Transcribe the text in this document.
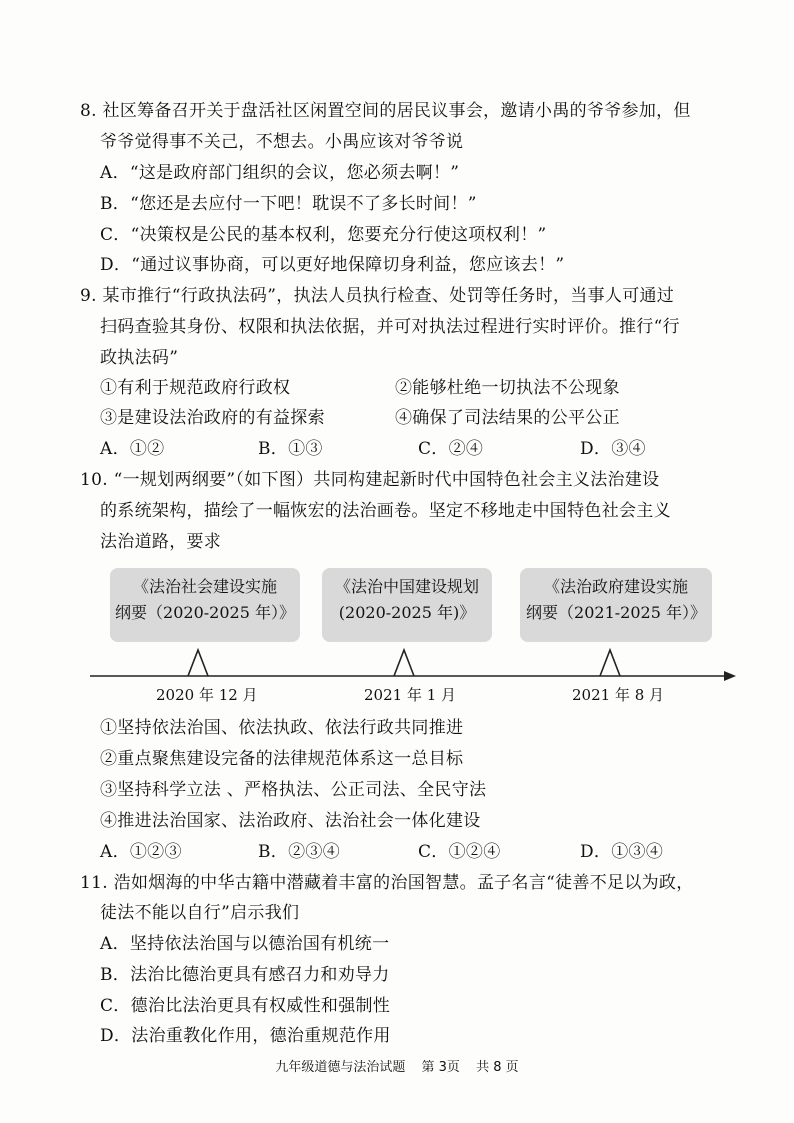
8. 社区筹备召开关于盘活社区闲置空间的居民议事会，邀请小禺的爷爷参加，但
爷爷觉得事不关己，不想去。小禺应该对爷爷说
A．“这是政府部门组织的会议，您必须去啊！”
B．“您还是去应付一下吧！耽误不了多长时间！”
C．“决策权是公民的基本权利，您要充分行使这项权利！”
D．“通过议事协商，可以更好地保障切身利益，您应该去！”
9. 某市推行“行政执法码”，执法人员执行检查、处罚等任务时，当事人可通过
扫码查验其身份、权限和执法依据，并可对执法过程进行实时评价。推行“行
政执法码”
①有利于规范政府行政权	②能够杜绝一切执法不公现象
③是建设法治政府的有益探索	④确保了司法结果的公平公正
A．①②	B．①③	C．②④	D．③④
10. “一规划两纲要”（如下图）共同构建起新时代中国特色社会主义法治建设
的系统架构，描绘了一幅恢宏的法治画卷。坚定不移地走中国特色社会主义
法治道路，要求
《法治社会建设实施
纲要（2020-2025 年）》
《法治中国建设规划
(2020-2025 年)》
《法治政府建设实施
纲要（2021-2025 年）》
2020 年 12 月	2021 年 1 月	2021 年 8 月
①坚持依法治国、依法执政、依法行政共同推进
②重点聚焦建设完备的法律规范体系这一总目标
③坚持科学立法 、严格执法、公正司法、全民守法
④推进法治国家、法治政府、法治社会一体化建设
A．①②③	B．②③④	C．①②④	D．①③④
11. 浩如烟海的中华古籍中潜藏着丰富的治国智慧。孟子名言“徒善不足以为政，
徒法不能以自行”启示我们
A．坚持依法治国与以德治国有机统一
B．法治比德治更具有感召力和劝导力
C．德治比法治更具有权威性和强制性
D．法治重教化作用，德治重规范作用
九年级道德与法治试题 第 3页 共 8 页
